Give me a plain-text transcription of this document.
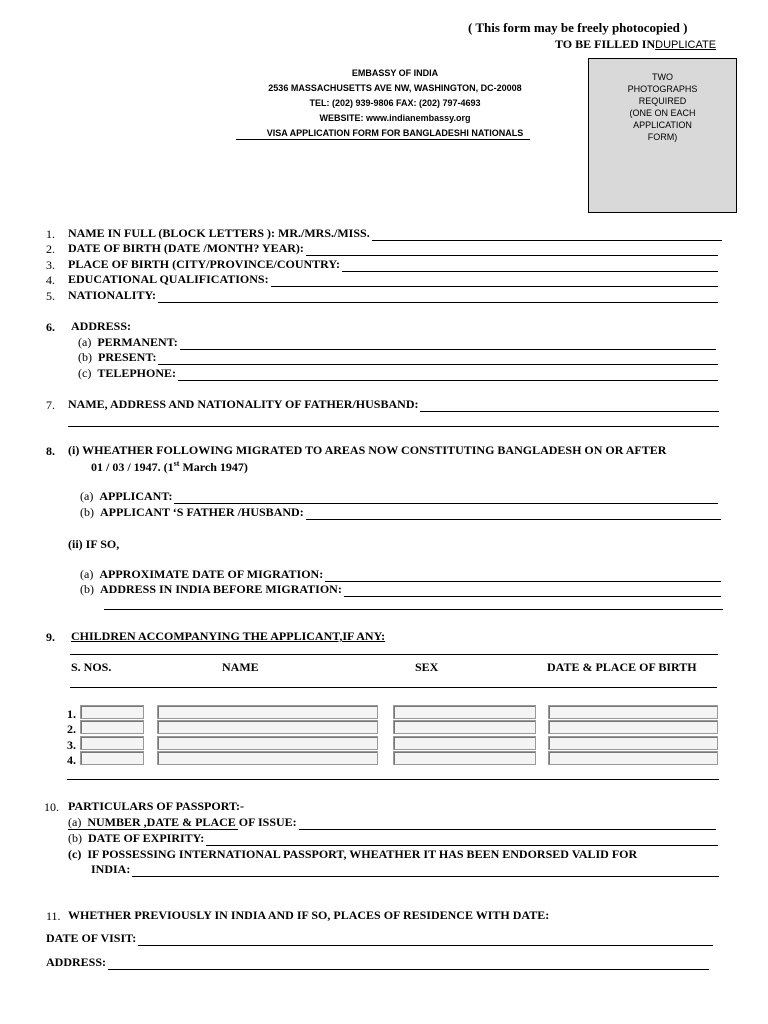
( This form may be freely photocopied )
TO BE FILLED INDUPLICATE
EMBASSY OF INDIA
2536 MASSACHUSETTS AVE NW, WASHINGTON, DC-20008
TEL: (202) 939-9806 FAX: (202) 797-4693
WEBSITE: www.indianembassy.org
VISA APPLICATION FORM FOR BANGLADESHI NATIONALS
TWO
PHOTOGRAPHS
REQUIRED
(ONE ON EACH
APPLICATION
FORM)
1. NAME IN FULL (BLOCK LETTERS ): MR./MRS./MISS.
2. DATE OF BIRTH (DATE /MONTH? YEAR):
3. PLACE OF BIRTH (CITY/PROVINCE/COUNTRY:
4. EDUCATIONAL QUALIFICATIONS:
5. NATIONALITY:
6. ADDRESS:
(a) PERMANENT:
(b) PRESENT:
(c) TELEPHONE:
7. NAME, ADDRESS AND NATIONALITY OF FATHER/HUSBAND:
8. (i) WHEATHER FOLLOWING MIGRATED TO AREAS NOW CONSTITUTING BANGLADESH ON OR AFTER
01 / 03 / 1947. (1st March 1947)
(a) APPLICANT:
(b) APPLICANT ‘S FATHER /HUSBAND:
(ii) IF SO,
(a) APPROXIMATE DATE OF MIGRATION:
(b) ADDRESS IN INDIA BEFORE MIGRATION:
9. CHILDREN ACCOMPANYING THE APPLICANT,IF ANY:
S. NOS.	NAME	SEX	DATE & PLACE OF BIRTH
1.
2.
3.
4.
10. PARTICULARS OF PASSPORT:-
(a) NUMBER ,DATE & PLACE OF ISSUE:
(b) DATE OF EXPIRITY:
(c) IF POSSESSING INTERNATIONAL PASSPORT, WHEATHER IT HAS BEEN ENDORSED VALID FOR
INDIA:
11. WHETHER PREVIOUSLY IN INDIA AND IF SO, PLACES OF RESIDENCE WITH DATE:
DATE OF VISIT:
ADDRESS:
